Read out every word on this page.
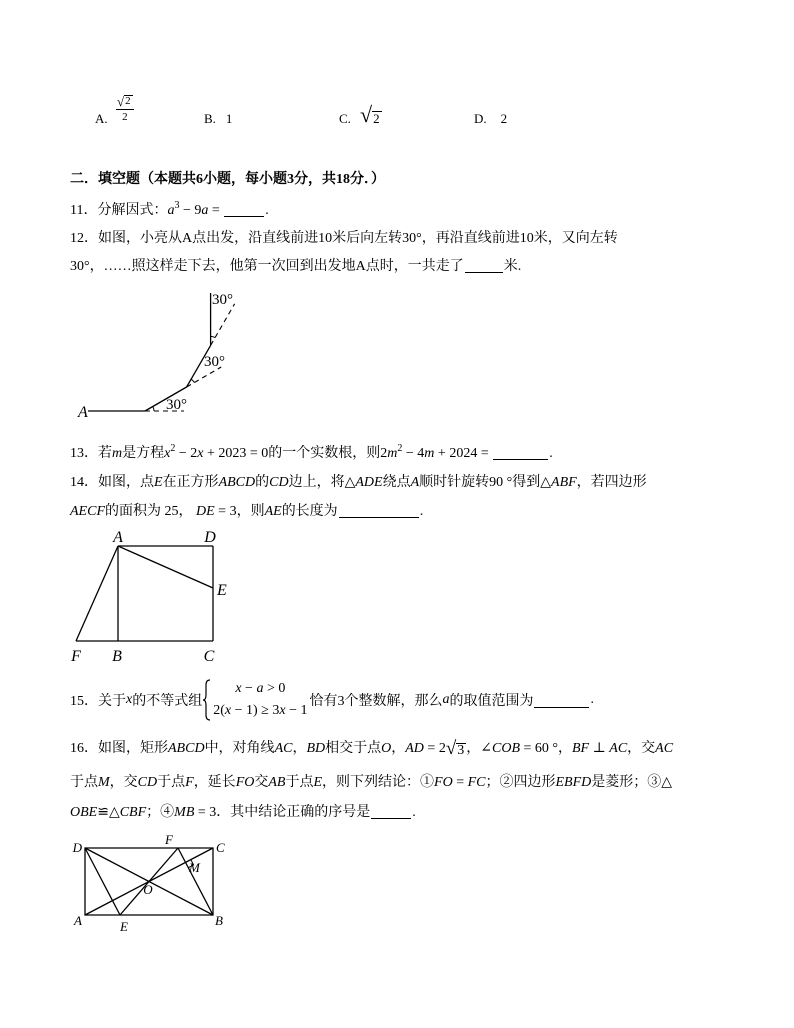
A. $\frac{√ 2}{2}$	B. 1	C. √ 2	D. 2
二．填空题（本题共6小题，每小题3分，共18分．）
11．分解因式：$a^3 - 9a$ =	.
12．如图，小亮从A点出发，沿直线前进10米后向左转30°，再沿直线前进10米，又向左转
30°，……照这样走下去，他第一次回到出发地A点时，一共走了	米.
A
30°
30°
30°
13．若m是方程$x^2 - 2x + 2023 = 0$的一个实数根，则$2m^2 - 4m + 2024$ =	.
14．如图，点E在正方形ABCD的CD边上，将△ADE绕点A顺时针旋转90 °得到△ABF，若四边形
AECF的面积为 25， DE = 3，则AE的长度为	.
A	D
E
F B	C
15．关于 x 的不等式组
x − a > 0
2(x − 1) ≥ 3x − 1
恰有3个整数解，那么 a 的取值范围为	.
16．如图，矩形ABCD中，对角线AC，BD相交于点O，AD = 2 √ 3 ，∠COB = 60 °，BF ⊥ AC，交AC
于点M，交CD于点F，延长FO交AB于点E，则下列结论：①FO = FC；②四边形EBFD是菱形；③△
OBE≌△CBF；④MB = 3．其中结论正确的序号是	.
D	C
A	B
F
E
O
M
